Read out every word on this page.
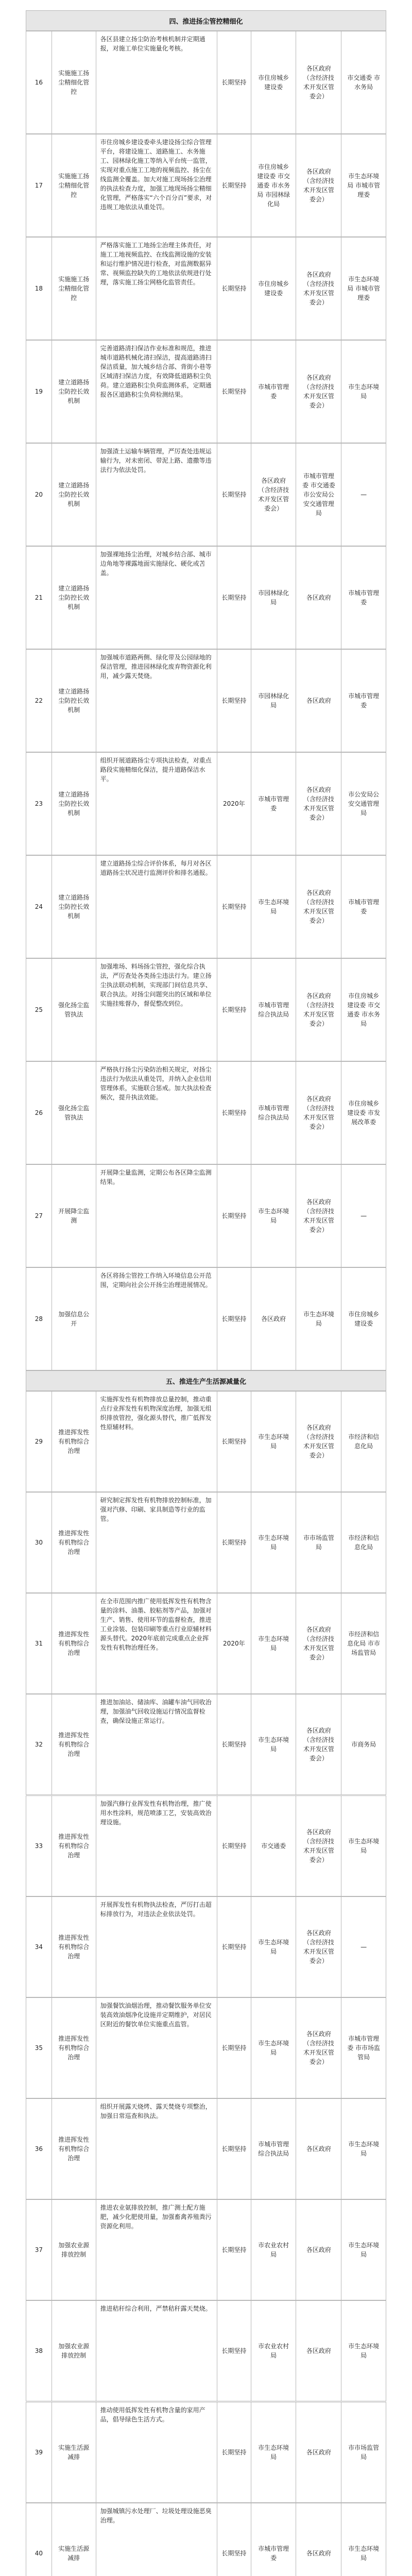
四、推进扬尘管控精细化
五、推进生产生活源减量化
16
实施施工扬尘精细化管控
各区县建立扬尘防治考核机制并定期通报，对施工单位实施量化考核。
长期坚持
市住房城乡建设委
各区政府（含经济技术开发区管委会）
市交通委 市水务局
17
实施施工扬尘精细化管控
市住房城乡建设委牵头建设扬尘综合管理平台，将建设施工、道路施工、水务施工、园林绿化施工等纳入平台统一监管，实现对重点施工工地的视频监控、扬尘在线监测全覆盖。加大对施工现场扬尘治理的执法检查力度，加强工地现场扬尘精细化管理，严格落实“六个百分百”要求，对违规工地依法从重处罚。
长期坚持
市住房城乡建设委 市交通委 市水务局 市园林绿化局
各区政府（含经济技术开发区管委会）
市生态环境局 市城市管理委
18
实施施工扬尘精细化管控
严格落实施工工地扬尘治理主体责任，对施工工地视频监控、在线监测设施的安装和运行维护情况进行检查，对监测数据异常、视频监控缺失的工地依法依规进行处理，落实施工扬尘网格化监管责任。
长期坚持
市住房城乡建设委
各区政府（含经济技术开发区管委会）
市生态环境局 市城市管理委
19
建立道路扬尘防控长效机制
完善道路清扫保洁作业标准和规范，推进城市道路机械化清扫保洁，提高道路清扫保洁质量，加大城乡结合部、背街小巷等区域清扫保洁力度，有效降低道路积尘负荷。建立道路积尘负荷监测体系，定期通报各区道路积尘负荷检测结果。	长期坚持
市城市管理委
各区政府（含经济技术开发区管委会）
市生态环境局
20
建立道路扬尘防控长效机制
加强渣土运输车辆管理，严厉查处违规运输行为，对未密闭、带泥上路、遗撒等违法行为依法处罚。
长期坚持
各区政府（含经济技术开发区管委会）
市城市管理委 市交通委 市公安局公安交通管理局
—
21
建立道路扬尘防控长效机制
加强裸地扬尘治理，对城乡结合部、城市边角地等裸露地面实施绿化、硬化或苫盖。
长期坚持
市园林绿化局
各区政府
市城市管理委
22
建立道路扬尘防控长效机制
加强城市道路两侧、绿化带及公园绿地的保洁管理，推进园林绿化废弃物资源化利用，减少露天焚烧。
长期坚持
市园林绿化局
各区政府
市城市管理委
23
建立道路扬尘防控长效机制
组织开展道路扬尘专项执法检查，对重点路段实施精细化保洁，提升道路保洁水平。
2020年
市城市管理委
各区政府（含经济技术开发区管委会）
市公安局公安交通管理局
24
建立道路扬尘防控长效机制
建立道路扬尘综合评价体系，每月对各区道路扬尘状况进行监测评价和排名通报。
长期坚持
市生态环境局
各区政府（含经济技术开发区管委会）
市城市管理委
25
强化扬尘监管执法
加强堆场、料场扬尘管控，强化综合执法，严厉查处各类扬尘违法行为。建立扬尘执法联动机制，实现部门间信息共享、联合执法。对扬尘问题突出的区域和单位实施挂账督办，督促整改到位。
长期坚持
市城市管理综合执法局
各区政府（含经济技术开发区管委会）
市住房城乡建设委 市交通委 市水务局
26
强化扬尘监管执法
严格执行扬尘污染防治相关规定，对扬尘违法行为依法从重处罚，并纳入企业信用管理体系，实施联合惩戒。加大执法检查频次，提升执法效能。
长期坚持
市城市管理综合执法局
各区政府（含经济技术开发区管委会）
市住房城乡建设委 市发展改革委
27
开展降尘监测
开展降尘量监测，定期公布各区降尘监测结果。
长期坚持
市生态环境局
各区政府（含经济技术开发区管委会）
—
28
加强信息公开
各区将扬尘管控工作纳入环境信息公开范围，定期向社会公开扬尘治理进展情况。
长期坚持	各区政府
市生态环境局
市住房城乡建设委
29
推进挥发性有机物综合治理
实施挥发性有机物排放总量控制，推动重点行业挥发性有机物深度治理，加强无组织排放管控，强化源头替代，推广低挥发性原辅材料。
长期坚持
市生态环境局
各区政府（含经济技术开发区管委会）
市经济和信息化局
30
推进挥发性有机物综合治理
研究制定挥发性有机物排放控制标准，加强对汽修、印刷、家具制造等行业的监管。
长期坚持
市生态环境局
市市场监管局
市经济和信息化局
31
推进挥发性有机物综合治理
在全市范围内推广使用低挥发性有机物含量的涂料、油墨、胶粘剂等产品，加强对生产、销售、使用环节的监督检查，推进工业涂装、包装印刷等重点行业原辅材料源头替代。2020年底前完成重点企业挥发性有机物治理任务。
2020年
市生态环境局
各区政府（含经济技术开发区管委会）
市经济和信息化局 市市场监管局
32
推进挥发性有机物综合治理
推进加油站、储油库、油罐车油气回收治理，加强油气回收设施运行情况监督检查，确保设施正常运行。
长期坚持
市生态环境局
各区政府（含经济技术开发区管委会）
市商务局
33
推进挥发性有机物综合治理
加强汽修行业挥发性有机物治理，推广使用水性涂料，规范喷漆工艺，安装高效治理设施。
长期坚持	市交通委
各区政府（含经济技术开发区管委会）
市生态环境局
34
推进挥发性有机物综合治理
开展挥发性有机物执法检查，严厉打击超标排放行为，对违法企业依法处罚。
长期坚持
市生态环境局
各区政府（含经济技术开发区管委会）
—
35
推进挥发性有机物综合治理
加强餐饮油烟治理，推动餐饮服务单位安装高效油烟净化设施并定期维护，对居民区附近的餐饮单位实施重点监管。
长期坚持
市生态环境局
各区政府（含经济技术开发区管委会）
市城市管理委 市市场监管局
36
推进挥发性有机物综合治理
组织开展露天烧烤、露天焚烧专项整治，加强日常巡查和执法。
长期坚持
市城市管理综合执法局
各区政府
市生态环境局
37
加强农业源排放控制
推进农业氨排放控制，推广测土配方施肥，减少化肥使用量，加强畜禽养殖粪污资源化利用。
长期坚持
市农业农村局
各区政府
市生态环境局
38
加强农业源排放控制
推进秸秆综合利用，严禁秸秆露天焚烧。
长期坚持
市农业农村局
各区政府
市生态环境局
39
实施生活源减排
推动使用低挥发性有机物含量的家用产品，倡导绿色生活方式。
长期坚持
市生态环境局
各区政府
市市场监管局
40
实施生活源减排
加强城镇污水处理厂、垃圾处理设施恶臭治理。
长期坚持
市城市管理委
各区政府
市生态环境局
